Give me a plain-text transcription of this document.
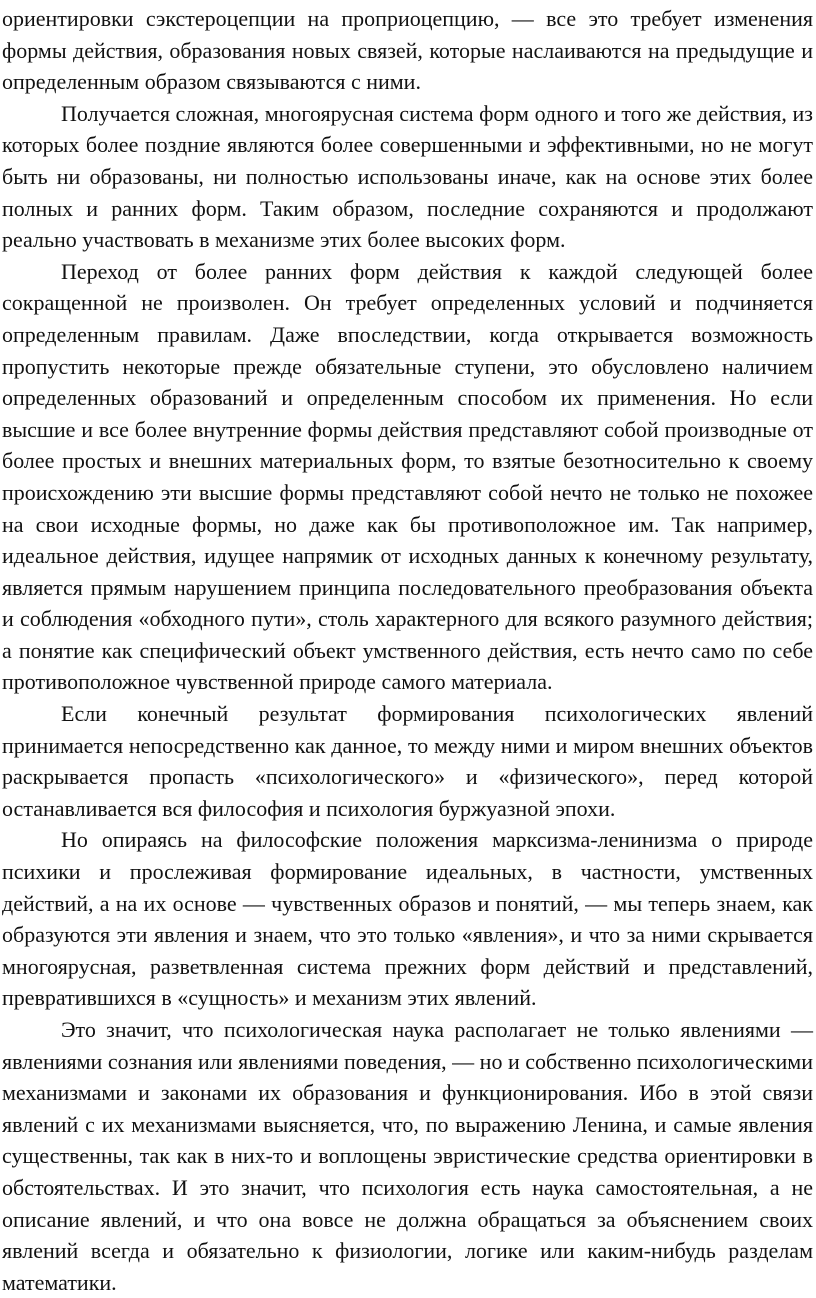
ориентировки сэкстероцепции на проприоцепцию, — все это требует изменения формы действия, образования новых связей, которые наслаиваются на предыдущие и определенным образом связываются с ними.

Получается сложная, многоярусная система форм одного и того же действия, из которых более поздние являются более совершенными и эффективными, но не могут быть ни образованы, ни полностью использованы иначе, как на основе этих более полных и ранних форм. Таким образом, последние сохраняются и продолжают реально участвовать в механизме этих более высоких форм.

Переход от более ранних форм действия к каждой следующей более сокращенной не произволен. Он требует определенных условий и подчиняется определенным правилам. Даже впоследствии, когда открывается возможность пропустить некоторые прежде обязательные ступени, это обусловлено наличием определенных образований и определенным способом их применения. Но если высшие и все более внутренние формы действия представляют собой производные от более простых и внешних материальных форм, то взятые безотносительно к своему происхождению эти высшие формы представляют собой нечто не только не похожее на свои исходные формы, но даже как бы противоположное им. Так например, идеальное действия, идущее напрямик от исходных данных к конечному результату, является прямым нарушением принципа последовательного преобразования объекта и соблюдения «обходного пути», столь характерного для всякого разумного действия; а понятие как специфический объект умственного действия, есть нечто само по себе противоположное чувственной природе самого материала.

Если конечный результат формирования психологических явлений принимается непосредственно как данное, то между ними и миром внешних объектов раскрывается пропасть «психологического» и «физического», перед которой останавливается вся философия и психология буржуазной эпохи.

Но опираясь на философские положения марксизма-ленинизма о природе психики и прослеживая формирование идеальных, в частности, умственных действий, а на их основе — чувственных образов и понятий, — мы теперь знаем, как образуются эти явления и знаем, что это только «явления», и что за ними скрывается многоярусная, разветвленная система прежних форм действий и представлений, превратившихся в «сущность» и механизм этих явлений.

Это значит, что психологическая наука располагает не только явлениями — явлениями сознания или явлениями поведения, — но и собственно психологическими механизмами и законами их образования и функционирования. Ибо в этой связи явлений с их механизмами выясняется, что, по выражению Ленина, и самые явления существенны, так как в них-то и воплощены эвристические средства ориентировки в обстоятельствах. И это значит, что психология есть наука самостоятельная, а не описание явлений, и что она вовсе не должна обращаться за объяснением своих явлений всегда и обязательно к физиологии, логике или каким-нибудь разделам математики.
